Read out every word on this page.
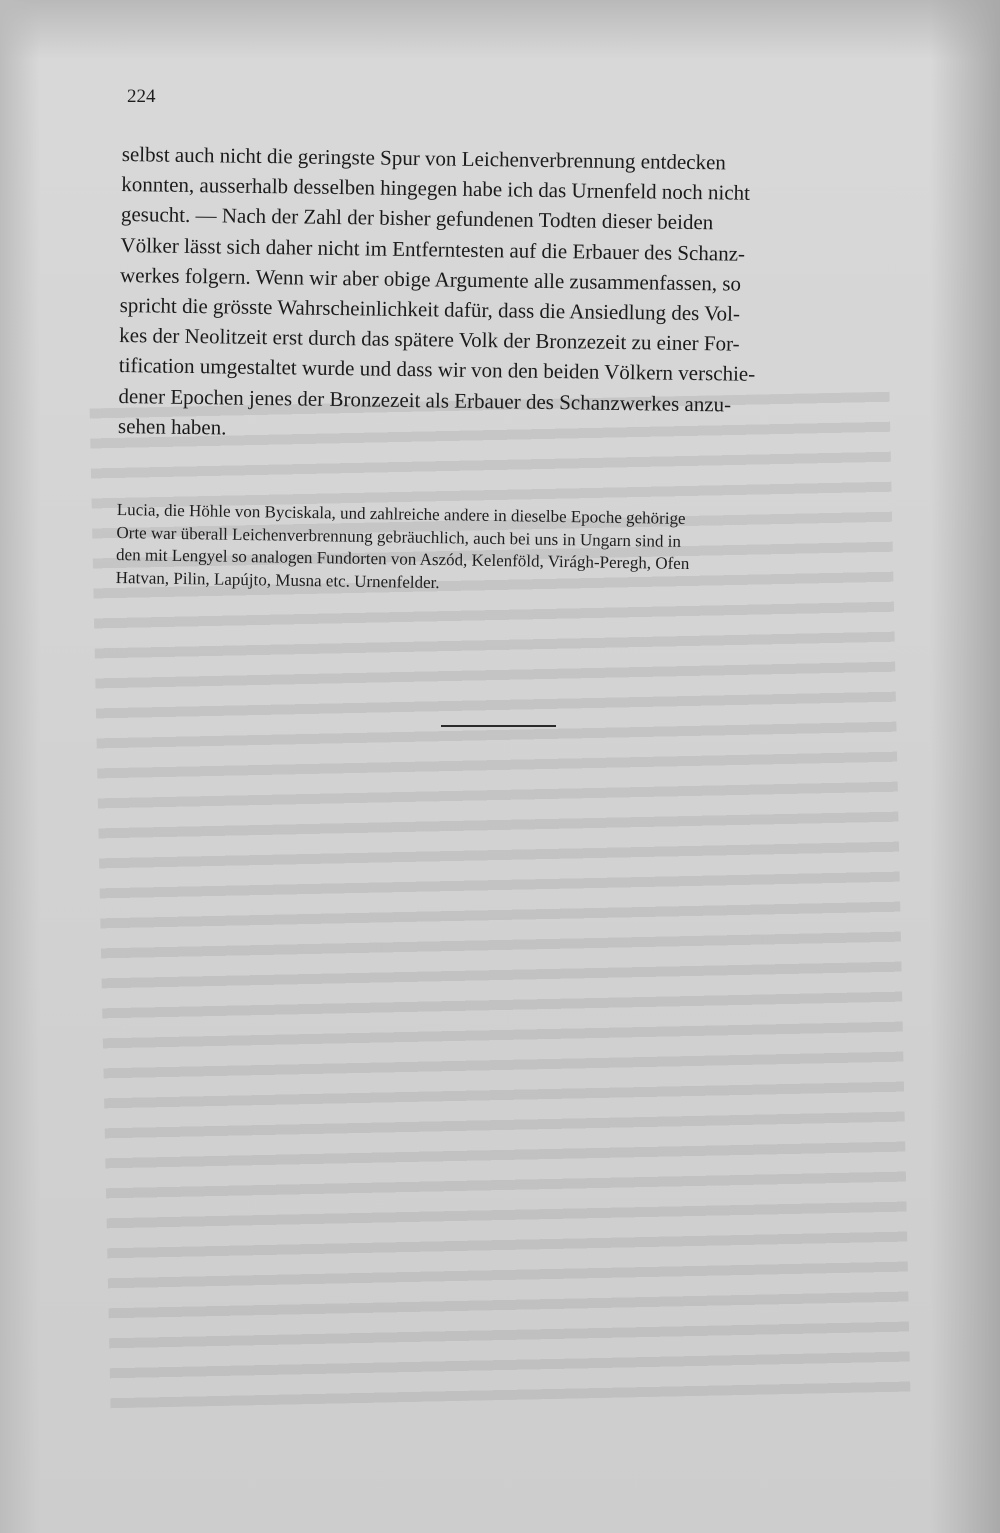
224
selbst auch nicht die geringste Spur von Leichenverbrennung entdecken
konnten, ausserhalb desselben hingegen habe ich das Urnenfeld noch nicht
gesucht. — Nach der Zahl der bisher gefundenen Todten dieser beiden
Völker lässt sich daher nicht im Entferntesten auf die Erbauer des Schanz-
werkes folgern. Wenn wir aber obige Argumente alle zusammenfassen, so
spricht die grösste Wahrscheinlichkeit dafür, dass die Ansiedlung des Vol-
kes der Neolitzeit erst durch das spätere Volk der Bronzezeit zu einer For-
tification umgestaltet wurde und dass wir von den beiden Völkern verschie-
dener Epochen jenes der Bronzezeit als Erbauer des Schanzwerkes anzu-
sehen haben.
Lucia, die Höhle von Byciskala, und zahlreiche andere in dieselbe Epoche gehörige
Orte war überall Leichenverbrennung gebräuchlich, auch bei uns in Ungarn sind in
den mit Lengyel so analogen Fundorten von Aszód, Kelenföld, Virágh-Peregh, Ofen
Hatvan, Pilin, Lapújto, Musna etc. Urnenfelder.
